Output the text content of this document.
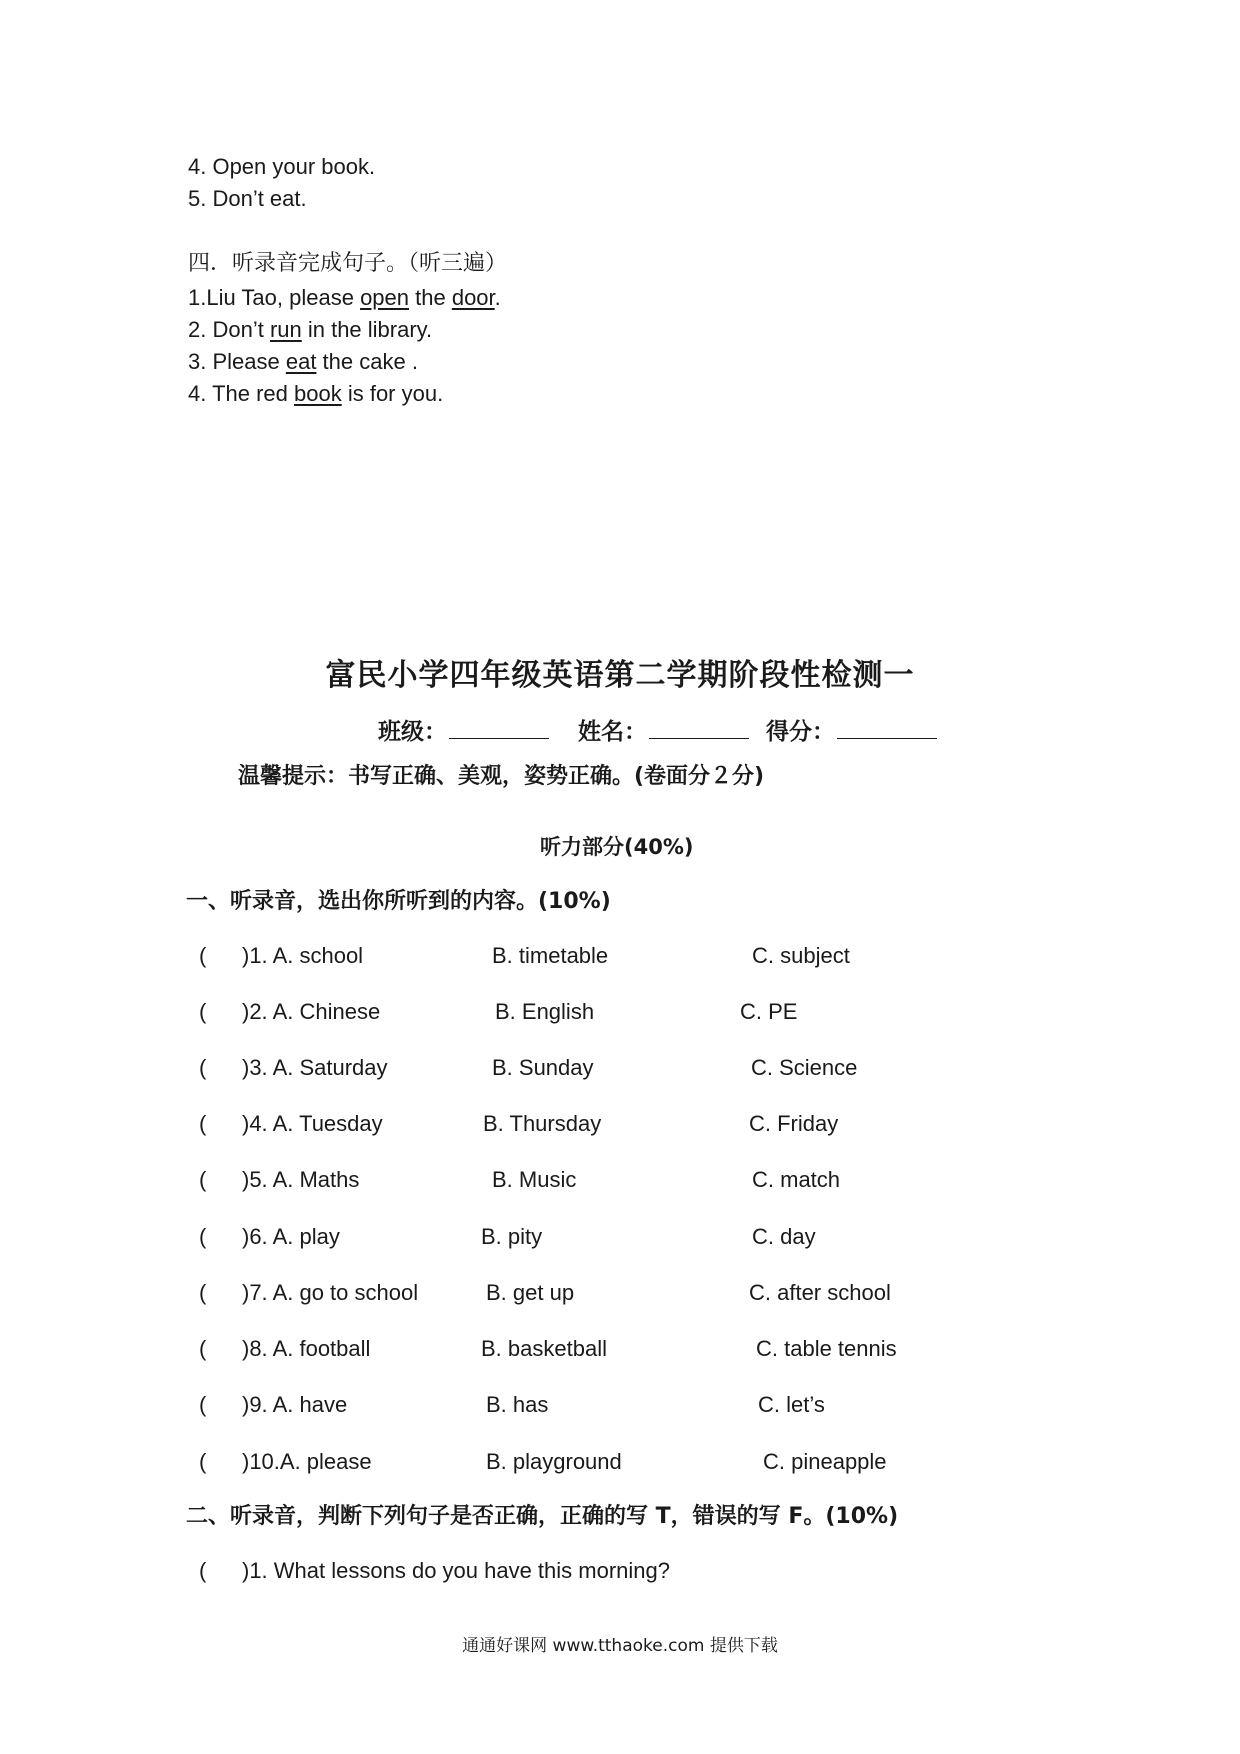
4. Open your book.
5. Don’t eat.
四．听录音完成句子。（听三遍）
1.Liu Tao, please open the door.
2. Don’t run in the library.
3. Please eat the cake .
4. The red book is for you.
富民小学四年级英语第二学期阶段性检测一
班级：	姓名：	得分：
温馨提示：书写正确、美观，姿势正确。(卷面分２分)
听力部分(40%)
一、听录音，选出你所听到的内容。(10%)
( )1. A. school	B. timetable	C. subject
( )2. A. Chinese	B. English	C. PE
( )3. A. Saturday	B. Sunday	C. Science
( )4. A. Tuesday	B. Thursday	C. Friday
( )5. A. Maths	B. Music	C. match
( )6. A. play	B. pity	C. day
( )7. A. go to school	B. get up	C. after school
( )8. A. football	B. basketball	C. table tennis
( )9. A. have	B. has	C. let’s
( )10.A. please	B. playground	C. pineapple
二、听录音，判断下列句子是否正确，正确的写 T，错误的写 F。(10%)
( )1. What lessons do you have this morning?
通通好课网 www.tthaoke.com 提供下载
